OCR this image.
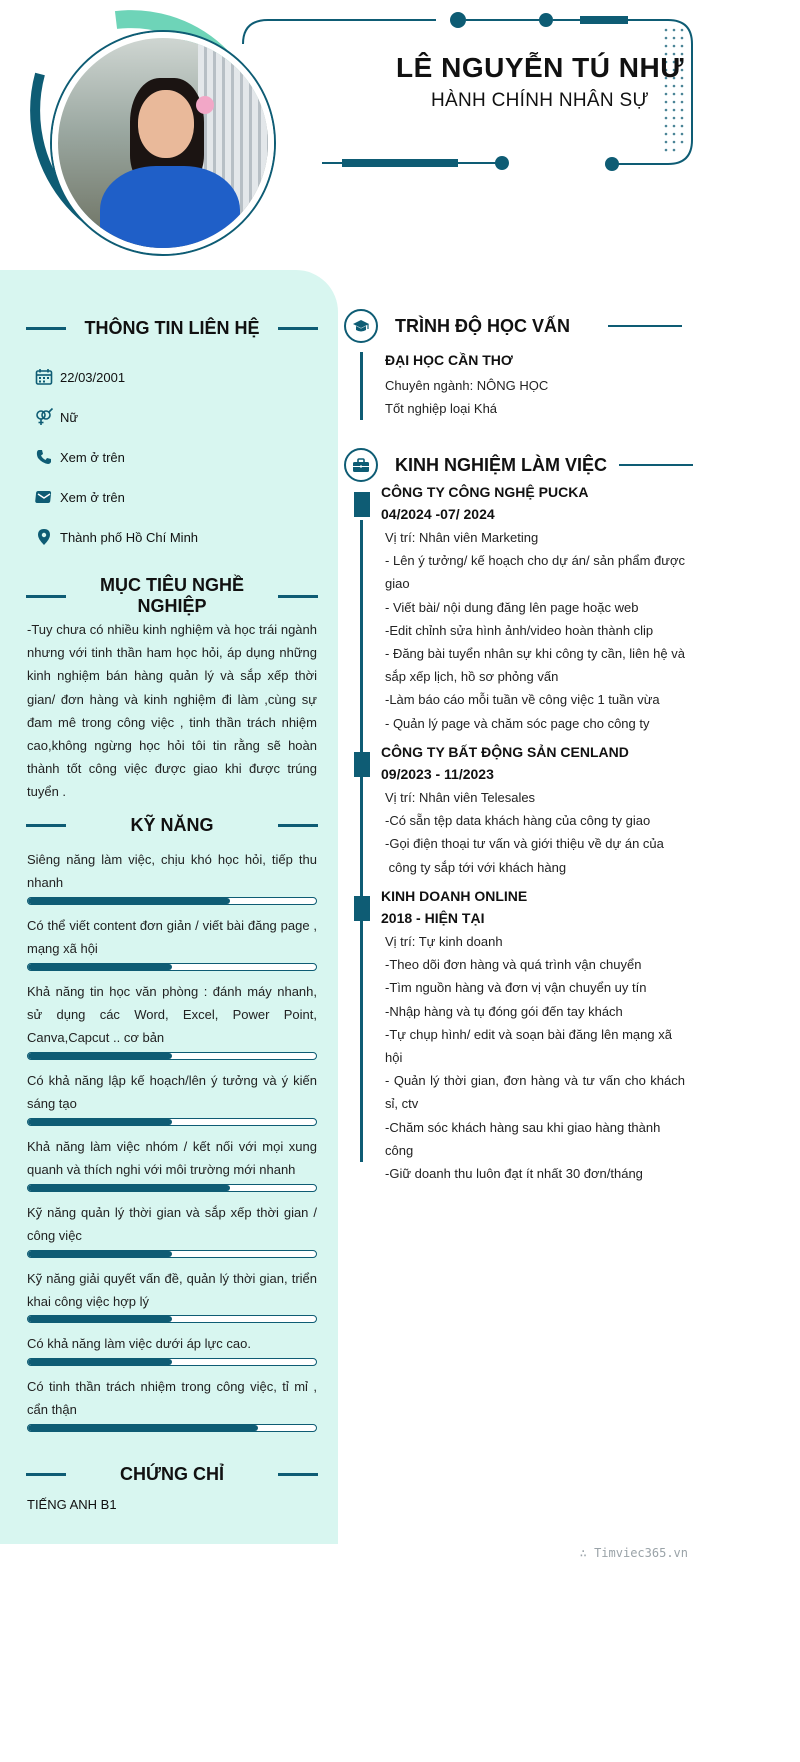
LÊ NGUYỄN TÚ NHƯ
HÀNH CHÍNH NHÂN SỰ
THÔNG TIN LIÊN HỆ
22/03/2001
Nữ
Xem ở trên
Xem ở trên
Thành phố Hồ Chí Minh
MỤC TIÊU NGHỀ NGHIỆP
-Tuy chưa có nhiều kinh nghiệm và học trái ngành nhưng với tinh thần ham học hỏi, áp dụng những kinh nghiệm bán hàng quản lý và sắp xếp thời gian/ đơn hàng và kinh nghiệm đi làm ,cùng sự đam mê trong công việc , tinh thần trách nhiệm cao,không ngừng học hỏi tôi tin rằng sẽ hoàn thành tốt công việc được giao khi được trúng tuyển .
KỸ NĂNG
Siêng năng làm việc, chịu khó học hỏi, tiếp thu nhanh
Có thể viết content đơn giản / viết bài đăng page , mạng xã hội
Khả năng tin học văn phòng : đánh máy nhanh, sử dụng các Word, Excel, Power Point, Canva,Capcut .. cơ bản
Có khả năng lập kế hoạch/lên ý tưởng và ý kiến sáng tạo
Khả năng làm việc nhóm / kết nối với mọi xung quanh và thích nghi với môi trường mới nhanh
Kỹ năng quản lý thời gian và sắp xếp thời gian / công việc
Kỹ năng giải quyết vấn đề, quản lý thời gian, triển khai công việc hợp lý
Có khả năng làm việc dưới áp lực cao.
Có tinh thần trách nhiệm trong công việc, tỉ mỉ , cẩn thận
CHỨNG CHỈ
TIẾNG ANH B1
TRÌNH ĐỘ HỌC VẤN
ĐẠI HỌC CẦN THƠ
Chuyên ngành: NÔNG HỌC
Tốt nghiệp loại Khá
KINH NGHIỆM LÀM VIỆC
CÔNG TY CÔNG NGHỆ PUCKA
04/2024 -07/ 2024
Vị trí: Nhân viên Marketing
- Lên ý tưởng/ kế hoạch cho dự án/ sản phẩm được giao
- Viết bài/ nội dung đăng lên page hoặc web
-Edit chỉnh sửa hình ảnh/video hoàn thành clip
- Đăng bài tuyển nhân sự khi công ty cần, liên hệ và sắp xếp lịch, hồ sơ phỏng vấn
-Làm báo cáo mỗi tuần về công việc 1 tuần vừa
- Quản lý page và chăm sóc page cho công ty
CÔNG TY BẤT ĐỘNG SẢN CENLAND
09/2023 - 11/2023
Vị trí: Nhân viên Telesales
-Có sẵn tệp data khách hàng của công ty giao
-Gọi điện thoại tư vấn và giới thiệu về dự án của
công ty sắp tới với khách hàng
KINH DOANH ONLINE
2018 - HIỆN TẠI
Vị trí: Tự kinh doanh
-Theo dõi đơn hàng và quá trình vận chuyển
-Tìm nguồn hàng và đơn vị vận chuyển uy tín
-Nhập hàng và tụ đóng gói đến tay khách
-Tự chụp hình/ edit và soạn bài đăng lên mạng xã hội
- Quản lý thời gian, đơn hàng và tư vấn cho khách sỉ, ctv
-Chăm sóc khách hàng sau khi giao hàng thành công
-Giữ doanh thu luôn đạt ít nhất 30 đơn/tháng
∴ Timviec365.vn
